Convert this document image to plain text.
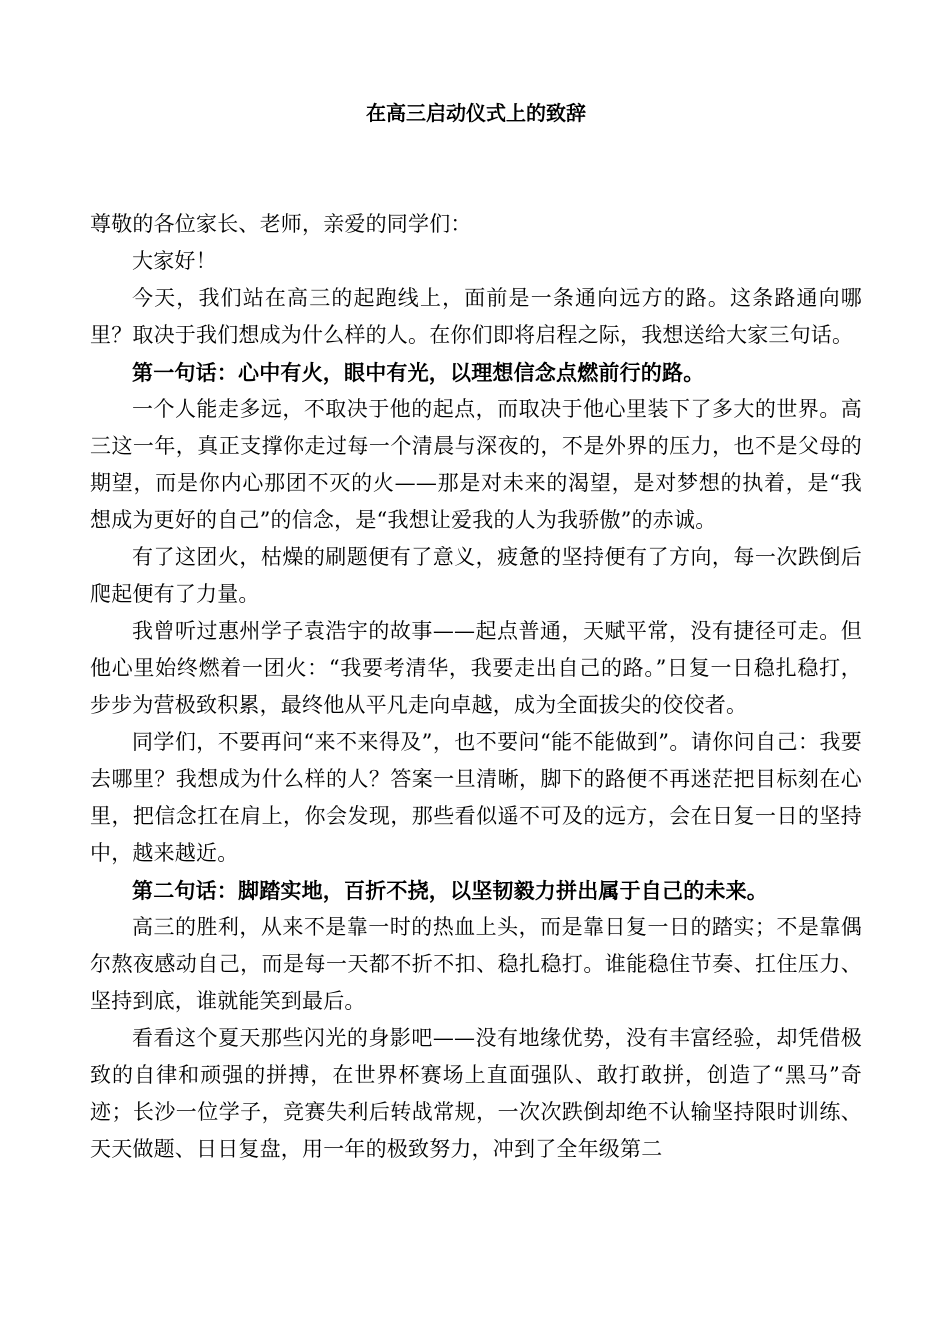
在高三启动仪式上的致辞

尊敬的各位家长、老师，亲爱的同学们：

大家好！

今天，我们站在高三的起跑线上，面前是一条通向远方的路。这条路通向哪里？取决于我们想成为什么样的人。在你们即将启程之际，我想送给大家三句话。

第一句话：心中有火，眼中有光，以理想信念点燃前行的路。

一个人能走多远，不取决于他的起点，而取决于他心里装下了多大的世界。高三这一年，真正支撑你走过每一个清晨与深夜的，不是外界的压力，也不是父母的期望，而是你内心那团不灭的火——那是对未来的渴望，是对梦想的执着，是“我想成为更好的自己”的信念，是“我想让爱我的人为我骄傲”的赤诚。

有了这团火，枯燥的刷题便有了意义，疲惫的坚持便有了方向，每一次跌倒后爬起便有了力量。

我曾听过惠州学子袁浩宇的故事——起点普通，天赋平常，没有捷径可走。但他心里始终燃着一团火：“我要考清华，我要走出自己的路。”日复一日稳扎稳打，步步为营极致积累，最终他从平凡走向卓越，成为全面拔尖的佼佼者。

同学们，不要再问“来不来得及”，也不要问“能不能做到”。请你问自己：我要去哪里？我想成为什么样的人？答案一旦清晰，脚下的路便不再迷茫把目标刻在心里，把信念扛在肩上，你会发现，那些看似遥不可及的远方，会在日复一日的坚持中，越来越近。

第二句话：脚踏实地，百折不挠，以坚韧毅力拼出属于自己的未来。

高三的胜利，从来不是靠一时的热血上头，而是靠日复一日的踏实；不是靠偶尔熬夜感动自己，而是每一天都不折不扣、稳扎稳打。谁能稳住节奏、扛住压力、坚持到底，谁就能笑到最后。

看看这个夏天那些闪光的身影吧——没有地缘优势，没有丰富经验，却凭借极致的自律和顽强的拼搏，在世界杯赛场上直面强队、敢打敢拼，创造了“黑马”奇迹；长沙一位学子，竞赛失利后转战常规，一次次跌倒却绝不认输坚持限时训练、天天做题、日日复盘，用一年的极致努力，冲到了全年级第二
